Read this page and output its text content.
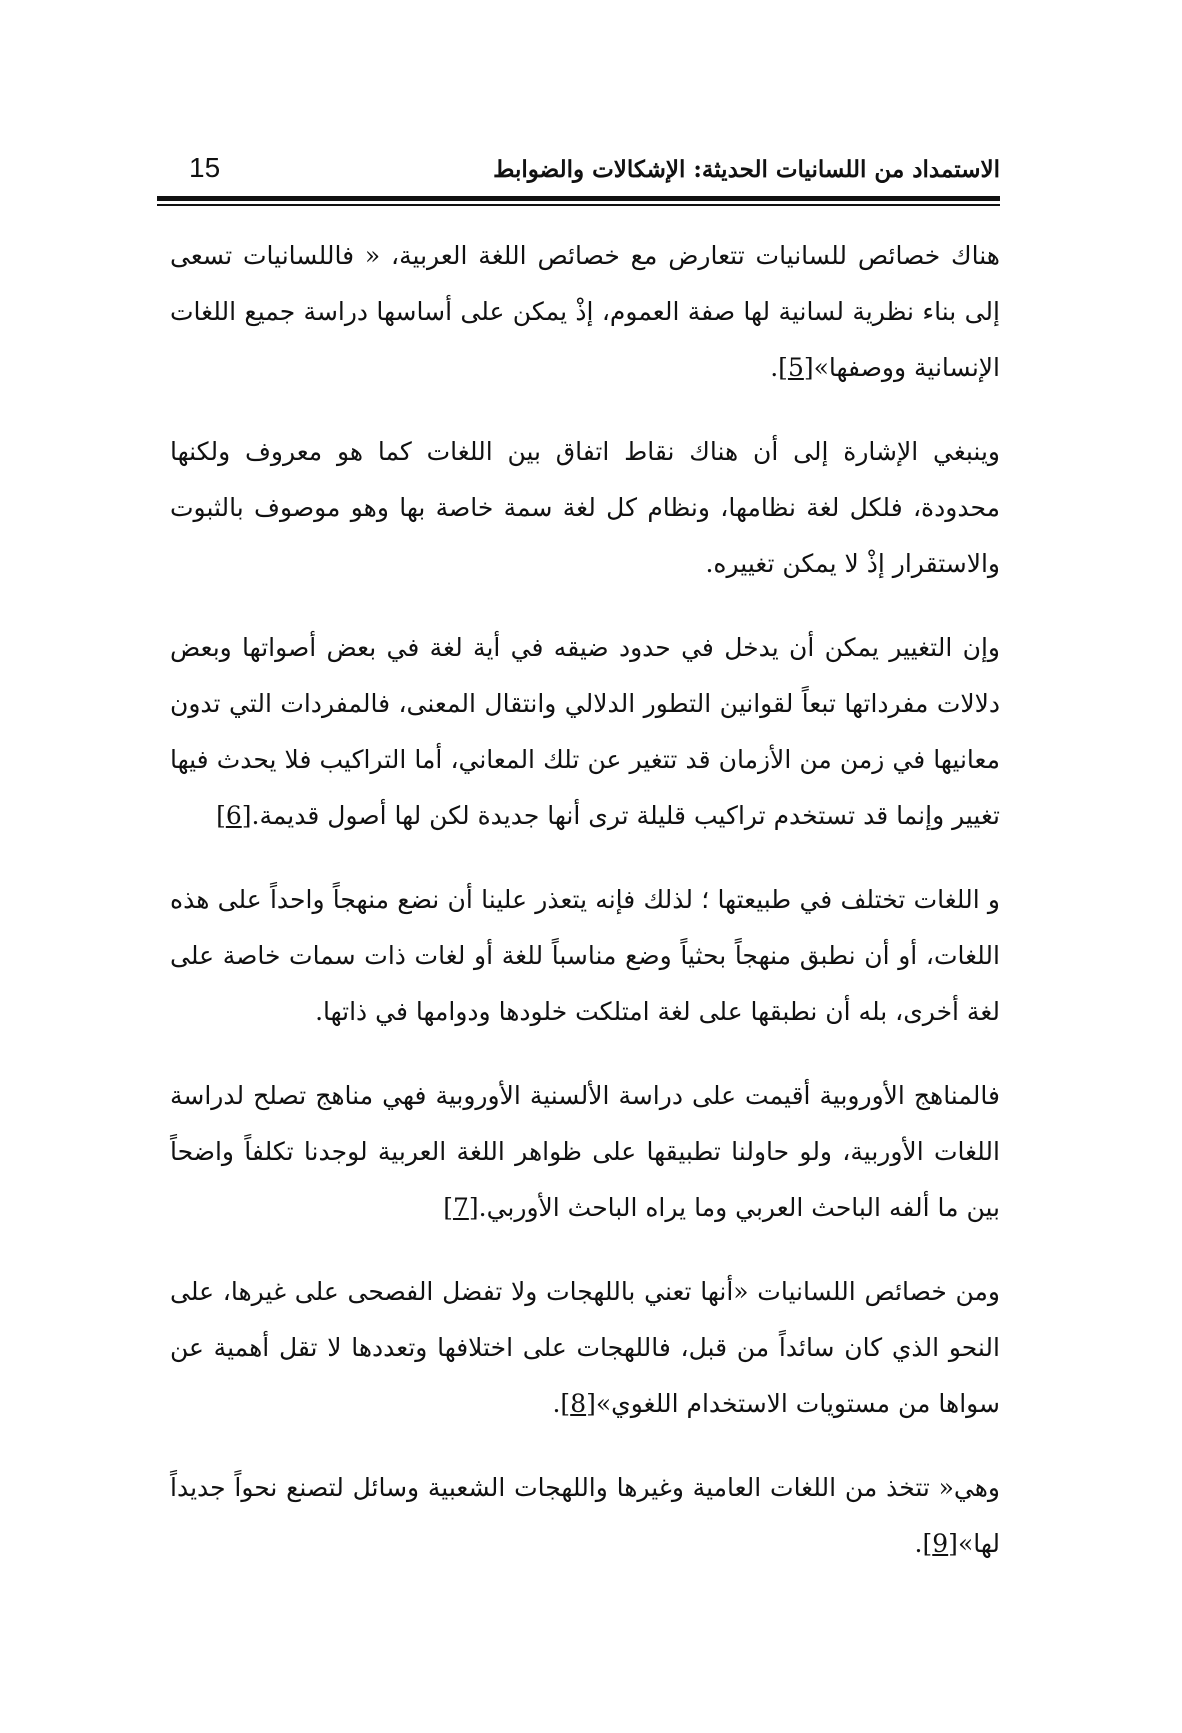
الاستمداد من اللسانيات الحديثة: الإشكالات والضوابط
15

هناك خصائص للسانيات تتعارض مع خصائص اللغة العربية، « فاللسانيات تسعى إلى بناء نظرية لسانية لها صفة العموم، إذْ يمكن على أساسها دراسة جميع اللغات الإنسانية ووصفها»[5].

وينبغي الإشارة إلى أن هناك نقاط اتفاق بين اللغات كما هو معروف ولكنها محدودة، فلكل لغة نظامها، ونظام كل لغة سمة خاصة بها وهو موصوف بالثبوت والاستقرار إذْ لا يمكن تغييره.

وإن التغيير يمكن أن يدخل في حدود ضيقه في أية لغة في بعض أصواتها وبعض دلالات مفرداتها تبعاً لقوانين التطور الدلالي وانتقال المعنى، فالمفردات التي تدون معانيها في زمن من الأزمان قد تتغير عن تلك المعاني، أما التراكيب فلا يحدث فيها تغيير وإنما قد تستخدم تراكيب قليلة ترى أنها جديدة لكن لها أصول قديمة.[6]

و اللغات تختلف في طبيعتها ؛ لذلك فإنه يتعذر علينا أن نضع منهجاً واحداً على هذه اللغات، أو أن نطبق منهجاً بحثياً وضع مناسباً للغة أو لغات ذات سمات خاصة على لغة أخرى، بله أن نطبقها على لغة امتلكت خلودها ودوامها في ذاتها.

فالمناهج الأوروبية أقيمت على دراسة الألسنية الأوروبية فهي مناهج تصلح لدراسة اللغات الأوربية، ولو حاولنا تطبيقها على ظواهر اللغة العربية لوجدنا تكلفاً واضحاً بين ما ألفه الباحث العربي وما يراه الباحث الأوربي.[7]

ومن خصائص اللسانيات «أنها تعني باللهجات ولا تفضل الفصحى على غيرها، على النحو الذي كان سائداً من قبل، فاللهجات على اختلافها وتعددها لا تقل أهمية عن سواها من مستويات الاستخدام اللغوي»[8].

وهي« تتخذ من اللغات العامية وغيرها واللهجات الشعبية وسائل لتصنع نحواً جديداً لها»[9].
